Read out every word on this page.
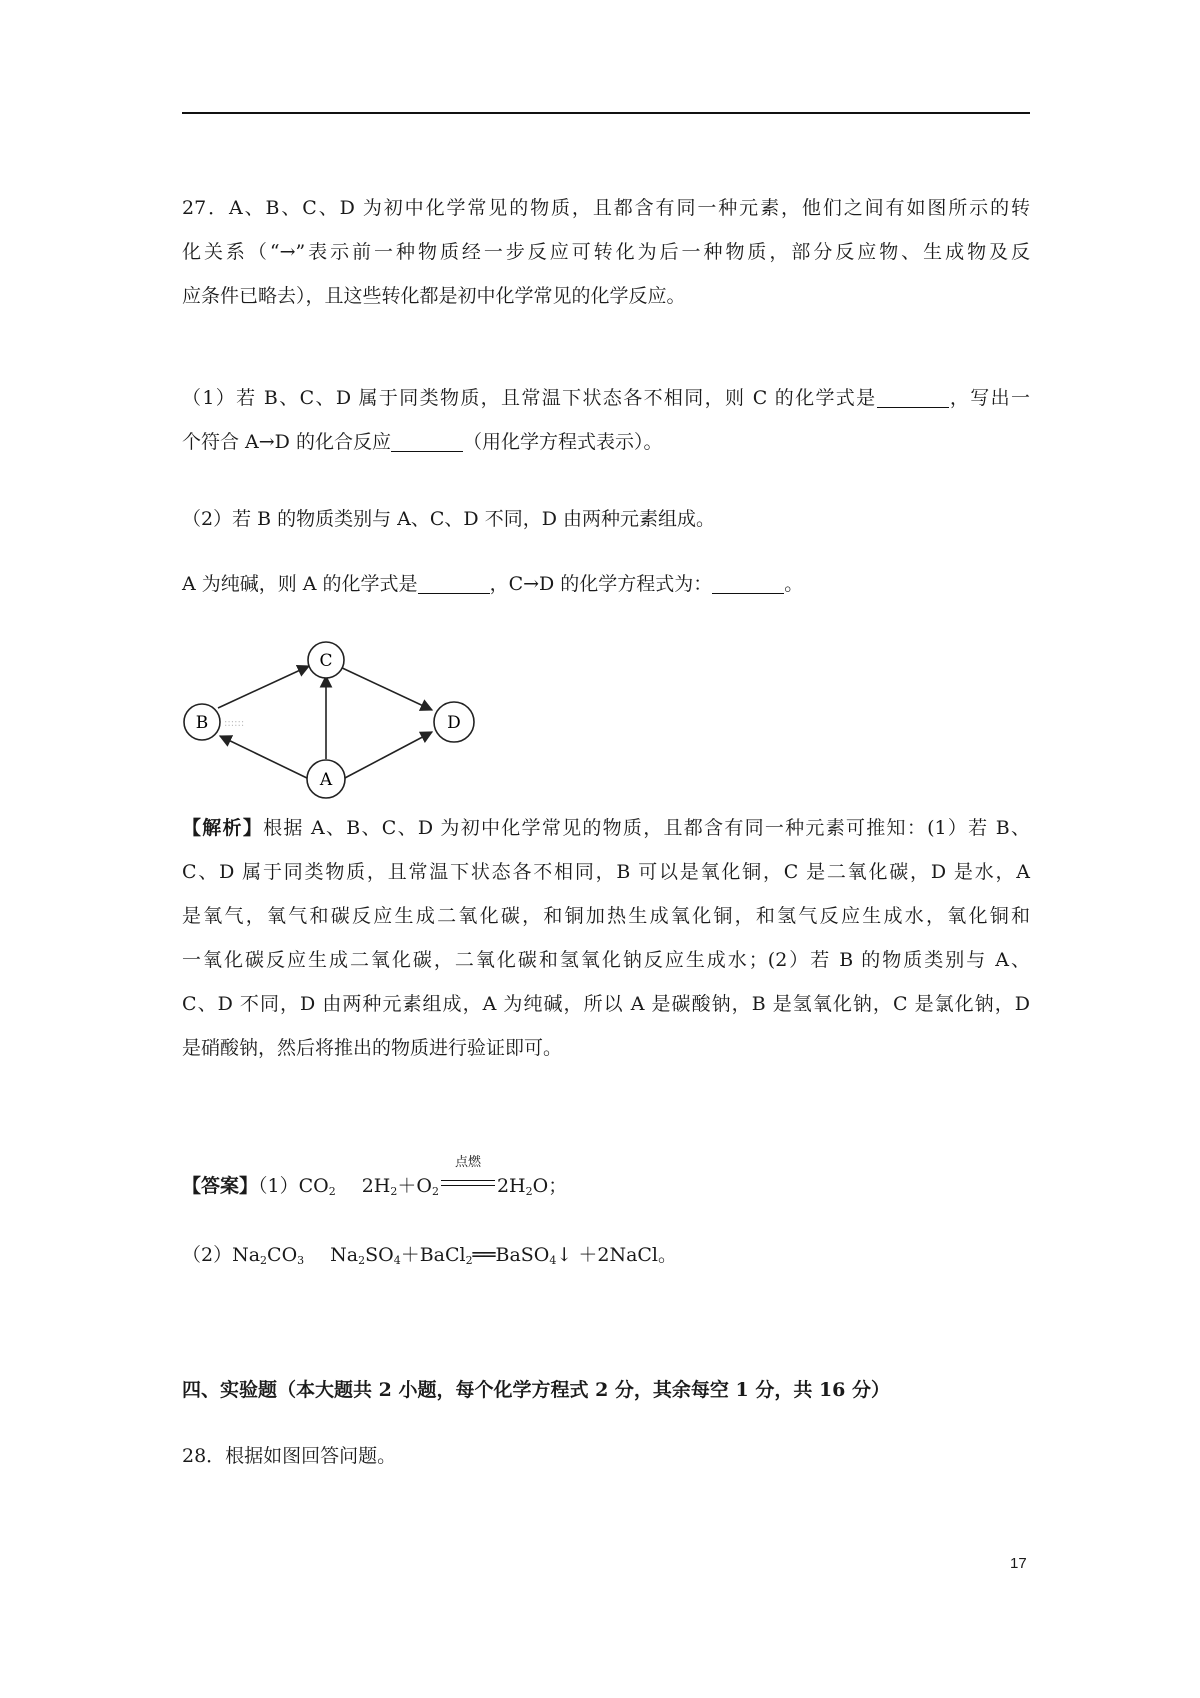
27．A、B、C、D 为初中化学常见的物质，且都含有同一种元素，他们之间有如图所示的转
化关系（“→”表示前一种物质经一步反应可转化为后一种物质，部分反应物、生成物及反
应条件已略去），且这些转化都是初中化学常见的化学反应。
（1）若 B、C、D 属于同类物质，且常温下状态各不相同，则 C 的化学式是	，写出一
个符合 A→D 的化合反应	（用化学方程式表示）。
（2）若 B 的物质类别与 A、C、D 不同，D 由两种元素组成。
A 为纯碱，则 A 的化学式是	，C→D 的化学方程式为：	。
::::::
B
C
D
A
【解析】根据 A、B、C、D 为初中化学常见的物质，且都含有同一种元素可推知：(1）若 B、
C、D 属于同类物质，且常温下状态各不相同，B 可以是氧化铜，C 是二氧化碳，D 是水，A
是氧气，氧气和碳反应生成二氧化碳，和铜加热生成氧化铜，和氢气反应生成水，氧化铜和
一氧化碳反应生成二氧化碳，二氧化碳和氢氧化钠反应生成水；(2）若 B 的物质类别与 A、
C、D 不同，D 由两种元素组成，A 为纯碱，所以 A 是碳酸钠，B 是氢氧化钠，C 是氯化钠，D
是硝酸钠，然后将推出的物质进行验证即可。
【答案】$(1)CO_2$ $2H_2+O_2$
点燃
$2H_2O$；
$(2)Na_2CO_3$ $Na_2SO_4+BaCl_2══BaSO_4↓$ ＋2NaCl。
四、实验题（本大题共 2 小题，每个化学方程式 2 分，其余每空 1 分，共 16 分）
28．根据如图回答问题。
17
